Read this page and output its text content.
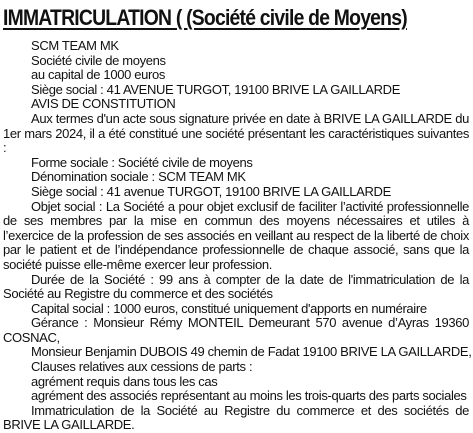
IMMATRICULATION ( (Société civile de Moyens)

SCM TEAM MK

Société civile de moyens

au capital de 1000 euros

Siège social : 41 AVENUE TURGOT, 19100 BRIVE LA GAILLARDE

AVIS DE CONSTITUTION

Aux termes d'un acte sous signature privée en date à BRIVE LA GAILLARDE du 1er mars 2024, il a été constitué une société présentant les caractéristiques suivantes :

Forme sociale : Société civile de moyens

Dénomination sociale : SCM TEAM MK

Siège social : 41 avenue TURGOT, 19100 BRIVE LA GAILLARDE

Objet social : La Société a pour objet exclusif de faciliter l’activité professionnelle de ses membres par la mise en commun des moyens nécessaires et utiles à l’exercice de la profession de ses associés en veillant au respect de la liberté de choix par le patient et de l’indépendance professionnelle de chaque associé, sans que la société puisse elle-même exercer leur profession.

Durée de la Société : 99 ans à compter de la date de l'immatriculation de la Société au Registre du commerce et des sociétés

Capital social : 1000 euros, constitué uniquement d'apports en numéraire

Gérance : Monsieur Rémy MONTEIL Demeurant 570 avenue d’Ayras 19360 COSNAC,

Monsieur Benjamin DUBOIS 49 chemin de Fadat 19100 BRIVE LA GAILLARDE,

Clauses relatives aux cessions de parts :

agrément requis dans tous les cas

agrément des associés représentant au moins les trois-quarts des parts sociales

Immatriculation de la Société au Registre du commerce et des sociétés de BRIVE LA GAILLARDE.
